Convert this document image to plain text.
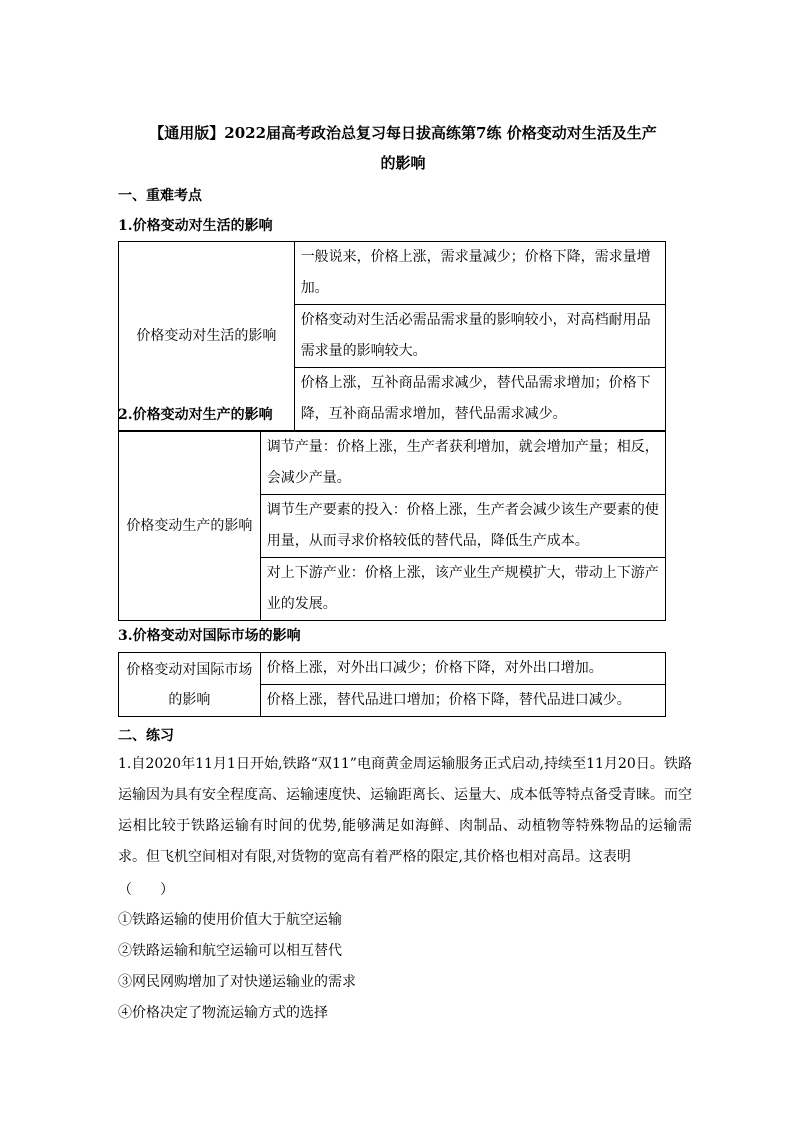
【通用版】2022届高考政治总复习每日拔高练第7练 价格变动对生活及生产
的影响
一、重难考点
1.价格变动对生活的影响
价格变动对生活的影响	一般说来，价格上涨，需求量减少；价格下降，需求量增加。
价格变动对生活必需品需求量的影响较小，对高档耐用品需求量的影响较大。
价格上涨，互补商品需求减少，替代品需求增加；价格下降，互补商品需求增加，替代品需求减少。
2.价格变动对生产的影响
价格变动生产的影响	调节产量：价格上涨，生产者获利增加，就会增加产量；相反，会减少产量。
调节生产要素的投入：价格上涨，生产者会减少该生产要素的使用量，从而寻求价格较低的替代品，降低生产成本。
对上下游产业：价格上涨，该产业生产规模扩大，带动上下游产业的发展。
3.价格变动对国际市场的影响
价格变动对国际市场的影响	价格上涨，对外出口减少；价格下降，对外出口增加。
价格上涨，替代品进口增加；价格下降，替代品进口减少。
二、练习
1.自2020年11月1日开始,铁路“双11”电商黄金周运输服务正式启动,持续至11月20日。铁路运输因为具有安全程度高、运输速度快、运输距离长、运量大、成本低等特点备受青睐。而空运相比较于铁路运输有时间的优势,能够满足如海鲜、肉制品、动植物等特殊物品的运输需求。但飞机空间相对有限,对货物的宽高有着严格的限定,其价格也相对高昂。这表明
（　　）
①铁路运输的使用价值大于航空运输
②铁路运输和航空运输可以相互替代
③网民网购增加了对快递运输业的需求
④价格决定了物流运输方式的选择
